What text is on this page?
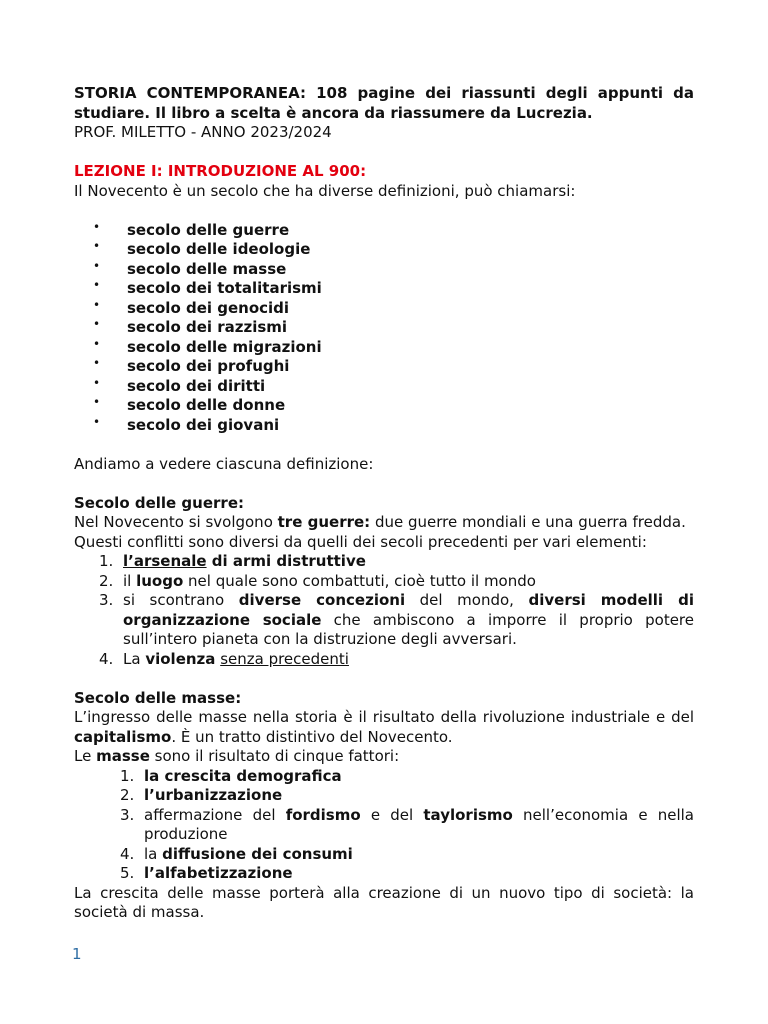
STORIA CONTEMPORANEA: 108 pagine dei riassunti degli appunti da studiare. Il libro a scelta è ancora da riassumere da Lucrezia.

PROF. MILETTO - ANNO 2023/2024

LEZIONE I: INTRODUZIONE AL 900:

Il Novecento è un secolo che ha diverse definizioni, può chiamarsi:

• secolo delle guerre
• secolo delle ideologie
• secolo delle masse
• secolo dei totalitarismi
• secolo dei genocidi
• secolo dei razzismi
• secolo delle migrazioni
• secolo dei profughi
• secolo dei diritti
• secolo delle donne
• secolo dei giovani

Andiamo a vedere ciascuna definizione:

Secolo delle guerre:

Nel Novecento si svolgono tre guerre: due guerre mondiali e una guerra fredda.

Questi conflitti sono diversi da quelli dei secoli precedenti per vari elementi:

1. l’arsenale di armi distruttive
2. il luogo nel quale sono combattuti, cioè tutto il mondo
3. si scontrano diverse concezioni del mondo, diversi modelli di organizzazione sociale che ambiscono a imporre il proprio potere sull’intero pianeta con la distruzione degli avversari.
4. La violenza senza precedenti

Secolo delle masse:

L’ingresso delle masse nella storia è il risultato della rivoluzione industriale e del capitalismo. È un tratto distintivo del Novecento.

Le masse sono il risultato di cinque fattori:

1. la crescita demografica
2. l’urbanizzazione
3. affermazione del fordismo e del taylorismo nell’economia e nella produzione
4. la diffusione dei consumi
5. l’alfabetizzazione

La crescita delle masse porterà alla creazione di un nuovo tipo di società: la società di massa.

1
